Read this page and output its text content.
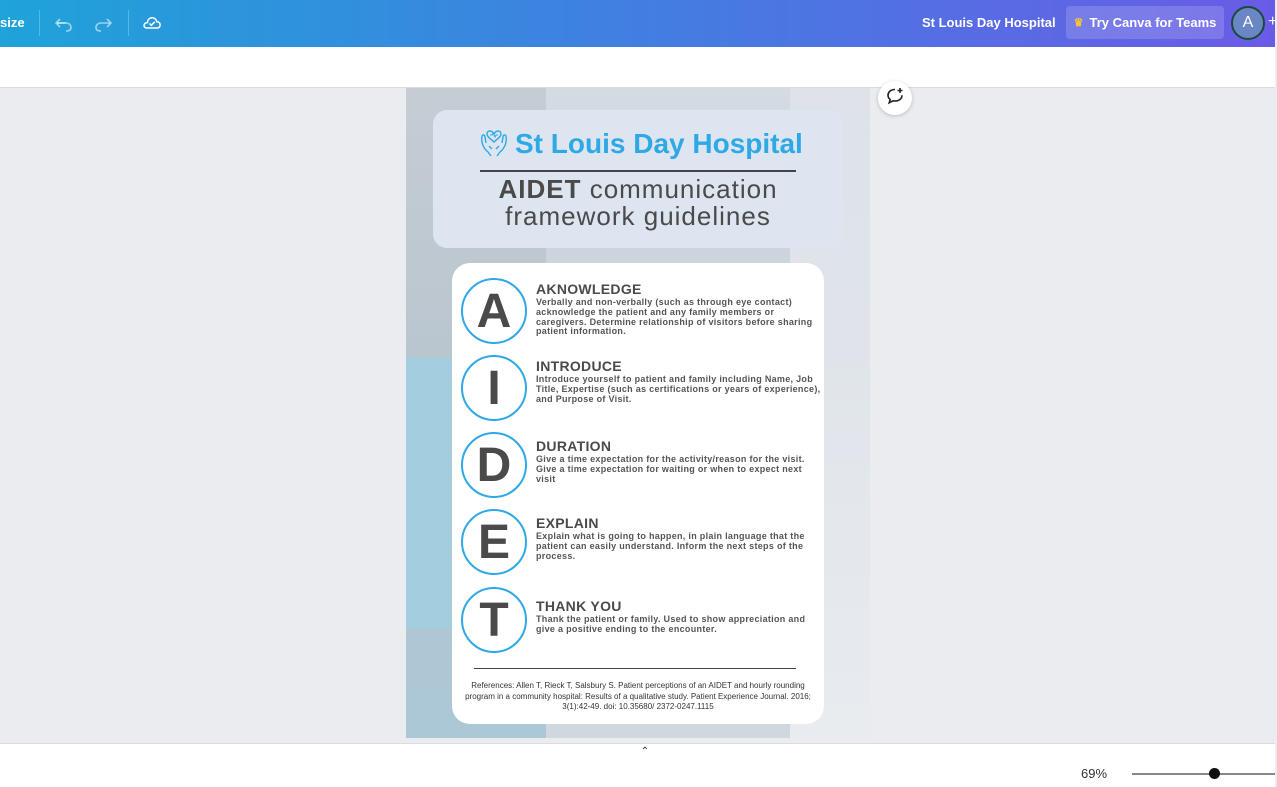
size	St Louis Day Hospital ♛ Try Canva for Teams	A +
St Louis Day Hospital
AIDET communication
framework guidelines
A	AKNOWLEDGE
Verbally and non-verbally (such as through eye contact) acknowledge the patient and any family members or caregivers. Determine relationship of visitors before sharing patient information.
I	INTRODUCE
Introduce yourself to patient and family including Name, Job Title, Expertise (such as certifications or years of experience), and Purpose of Visit.
D	DURATION
Give a time expectation for the activity/reason for the visit. Give a time expectation for waiting or when to expect next visit
E	EXPLAIN
Explain what is going to happen, in plain language that the patient can easily understand. Inform the next steps of the process.
T	THANK YOU
Thank the patient or family. Used to show appreciation and give a positive ending to the encounter.
References: Allen T, Rieck T, Salsbury S. Patient perceptions of an AIDET and hourly rounding program in a community hospital: Results of a qualitative study. Patient Experience Journal. 2016; 3(1):42-49. doi: 10.35680/ 2372-0247.1115
⌃
69%
